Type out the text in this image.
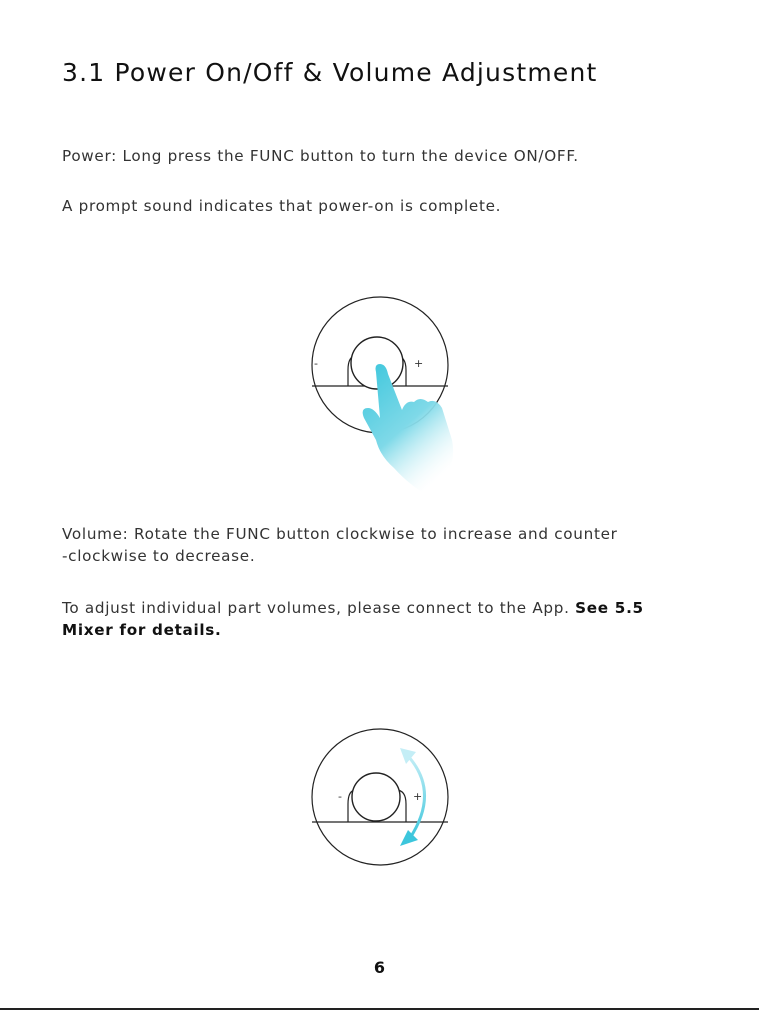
3.1 Power On/Off & Volume Adjustment

Power: Long press the FUNC button to turn the device ON/OFF.

A prompt sound indicates that power-on is complete.

-	+

Volume: Rotate the FUNC button clockwise to increase and counter
-clockwise to decrease.

To adjust individual part volumes, please connect to the App. See 5.5
Mixer for details.

-	+
6
